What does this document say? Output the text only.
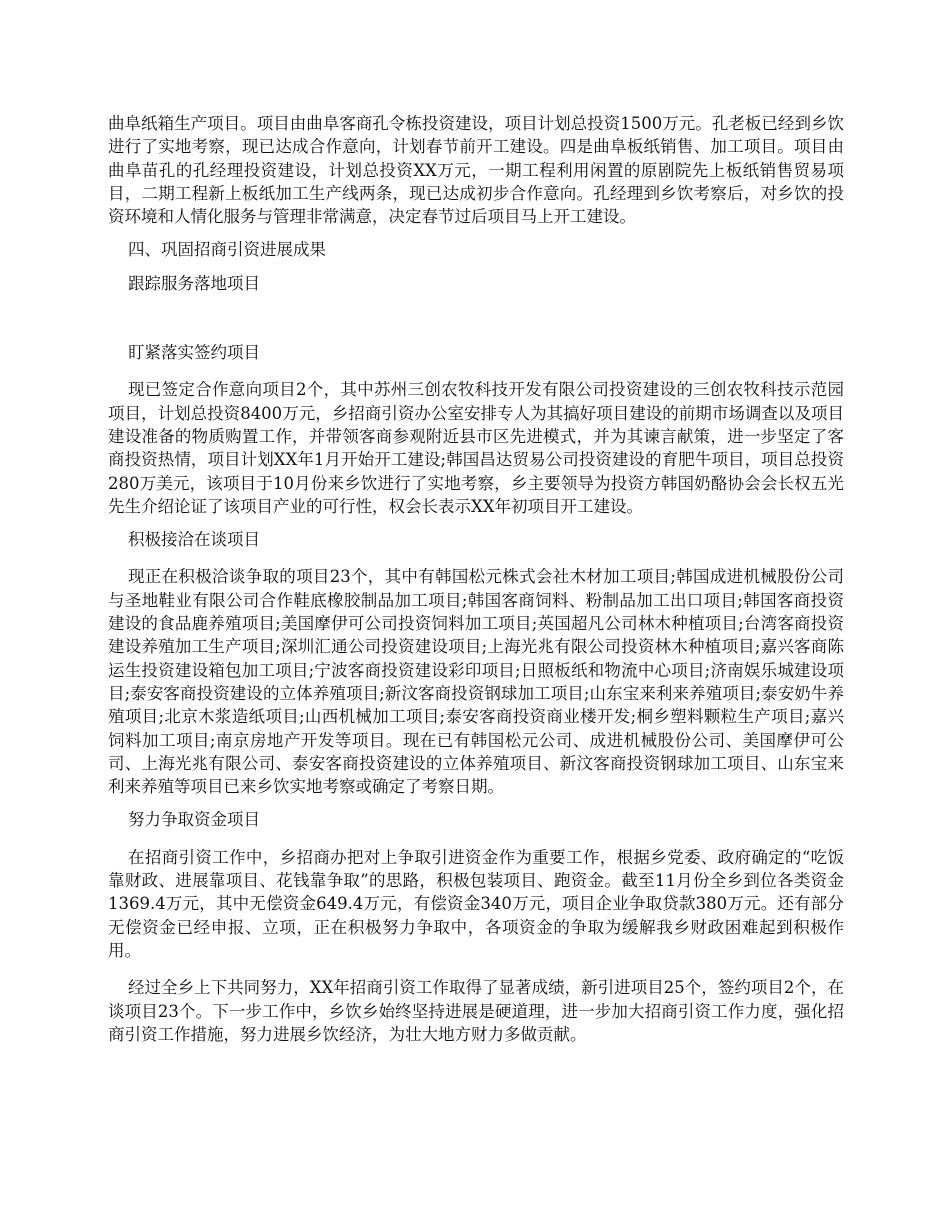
曲阜纸箱生产项目。项目由曲阜客商孔令栋投资建设，项目计划总投资1500万元。孔老板已经到乡饮进行了实地考察，现已达成合作意向，计划春节前开工建设。四是曲阜板纸销售、加工项目。项目由曲阜苗孔的孔经理投资建设，计划总投资XX万元，一期工程利用闲置的原剧院先上板纸销售贸易项目，二期工程新上板纸加工生产线两条，现已达成初步合作意向。孔经理到乡饮考察后，对乡饮的投资环境和人情化服务与管理非常满意，决定春节过后项目马上开工建设。

四、巩固招商引资进展成果

跟踪服务落地项目

盯紧落实签约项目

现已签定合作意向项目2个，其中苏州三创农牧科技开发有限公司投资建设的三创农牧科技示范园项目，计划总投资8400万元，乡招商引资办公室安排专人为其搞好项目建设的前期市场调查以及项目建设准备的物质购置工作，并带领客商参观附近县市区先进模式，并为其谏言献策，进一步坚定了客商投资热情，项目计划XX年1月开始开工建设;韩国昌达贸易公司投资建设的育肥牛项目，项目总投资280万美元，该项目于10月份来乡饮进行了实地考察，乡主要领导为投资方韩国奶酪协会会长权五光先生介绍论证了该项目产业的可行性，权会长表示XX年初项目开工建设。

积极接洽在谈项目

现正在积极洽谈争取的项目23个，其中有韩国松元株式会社木材加工项目;韩国成进机械股份公司与圣地鞋业有限公司合作鞋底橡胶制品加工项目;韩国客商饲料、粉制品加工出口项目;韩国客商投资建设的食品鹿养殖项目;美国摩伊可公司投资饲料加工项目;英国超凡公司林木种植项目;台湾客商投资建设养殖加工生产项目;深圳汇通公司投资建设项目;上海光兆有限公司投资林木种植项目;嘉兴客商陈运生投资建设箱包加工项目;宁波客商投资建设彩印项目;日照板纸和物流中心项目;济南娱乐城建设项目;泰安客商投资建设的立体养殖项目;新汶客商投资钢球加工项目;山东宝来利来养殖项目;泰安奶牛养殖项目;北京木浆造纸项目;山西机械加工项目;泰安客商投资商业楼开发;桐乡塑料颗粒生产项目;嘉兴饲料加工项目;南京房地产开发等项目。现在已有韩国松元公司、成进机械股份公司、美国摩伊可公司、上海光兆有限公司、泰安客商投资建设的立体养殖项目、新汶客商投资钢球加工项目、山东宝来利来养殖等项目已来乡饮实地考察或确定了考察日期。

努力争取资金项目

在招商引资工作中，乡招商办把对上争取引进资金作为重要工作，根据乡党委、政府确定的“吃饭靠财政、进展靠项目、花钱靠争取”的思路，积极包装项目、跑资金。截至11月份全乡到位各类资金1369.4万元，其中无偿资金649.4万元，有偿资金340万元，项目企业争取贷款380万元。还有部分无偿资金已经申报、立项，正在积极努力争取中，各项资金的争取为缓解我乡财政困难起到积极作用。

经过全乡上下共同努力，XX年招商引资工作取得了显著成绩，新引进项目25个，签约项目2个，在谈项目23个。下一步工作中，乡饮乡始终坚持进展是硬道理，进一步加大招商引资工作力度，强化招商引资工作措施，努力进展乡饮经济，为壮大地方财力多做贡献。
